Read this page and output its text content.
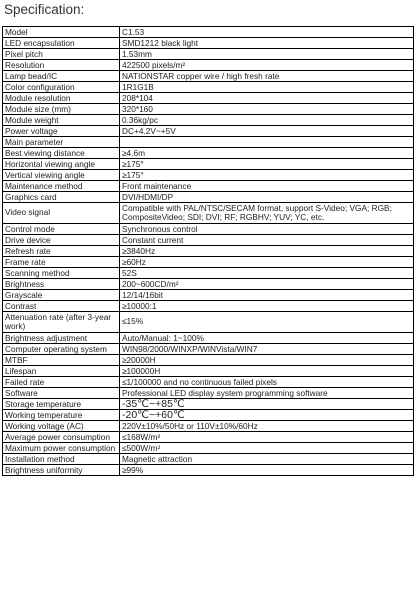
Specification:
Model	C1.53
LED encapsulation	SMD1212 black light
Pixel pitch	1.53mm
Resolution	422500 pixels/m²
Lamp bead/IC	NATIONSTAR copper wire / high fresh rate
Color configuration	1R1G1B
Module resolution	208*104
Module size (mm)	320*160
Module weight	0.36kg/pc
Power voltage	DC+4.2V~+5V
Main parameter	
Best viewing distance	≥4.6m
Horizontal viewing angle	≥175°
Vertical viewing angle	≥175°
Maintenance method	Front maintenance
Graphics card	DVI/HDMI/DP
Video signal	Compatible with PAL/NTSC/SECAM format, support S-Video; VGA; RGB; CompositeVideo; SDI; DVI; RF; RGBHV; YUV; YC, etc.
Control mode	Synchronous control
Drive device	Constant current
Refresh rate	≥3840Hz
Frame rate	≥60Hz
Scanning method	52S
Brightness	200~600CD/m²
Grayscale	12/14/16bit
Contrast	≥10000:1
Attenuation rate (after 3-year work)	≤15%
Brightness adjustment	Auto/Manual: 1~100%
Computer operating system	WIN98/2000/WINXP/WINVista/WIN7
MTBF	≥20000H
Lifespan	≥100000H
Failed rate	≤1/100000 and no continuous failed pixels
Software	Professional LED display system programming software
Storage temperature	-35℃~+85℃
Working temperature	-20℃~+60℃
Working voltage (AC)	220V±10%/50Hz or 110V±10%/60Hz
Average power consumption	≤168W/m²
Maximum power consumption	≤500W/m²
Installation method	Magnetic attraction
Brightness uniformity	≥99%
